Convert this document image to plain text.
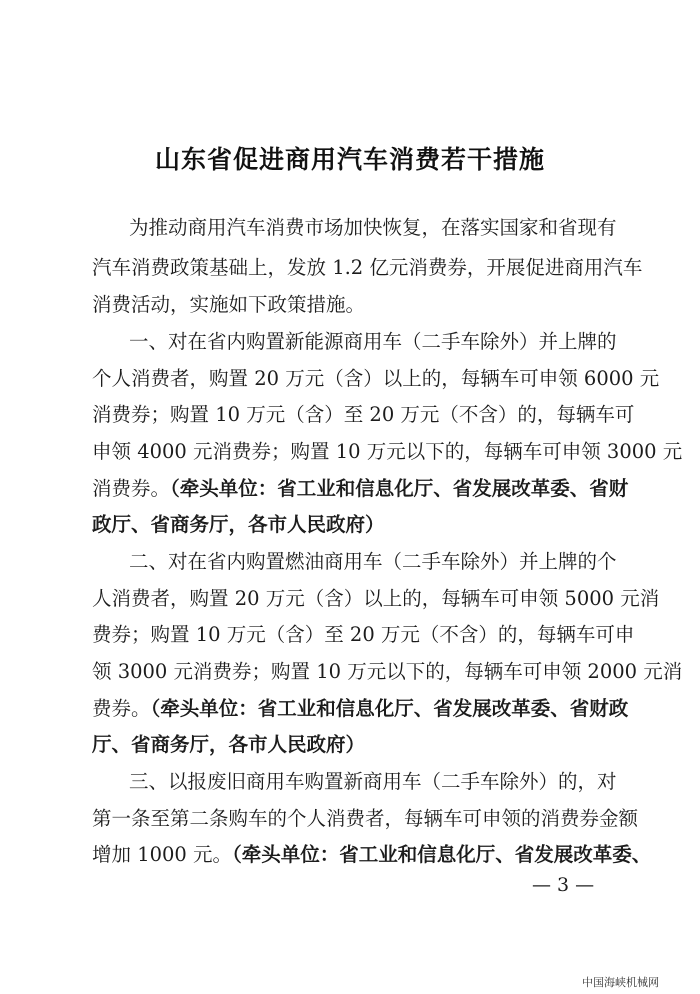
山东省促进商用汽车消费若干措施
为推动商用汽车消费市场加快恢复，在落实国家和省现有
汽车消费政策基础上，发放 1.2 亿元消费券，开展促进商用汽车
消费活动，实施如下政策措施。
一、对在省内购置新能源商用车（二手车除外）并上牌的
个人消费者，购置 20 万元（含）以上的，每辆车可申领 6000 元
消费券；购置 10 万元（含）至 20 万元（不含）的，每辆车可
申领 4000 元消费券；购置 10 万元以下的，每辆车可申领 3000 元
消费券。（牵头单位：省工业和信息化厅、省发展改革委、省财
政厅、省商务厅，各市人民政府）
二、对在省内购置燃油商用车（二手车除外）并上牌的个
人消费者，购置 20 万元（含）以上的，每辆车可申领 5000 元消
费券；购置 10 万元（含）至 20 万元（不含）的，每辆车可申
领 3000 元消费券；购置 10 万元以下的，每辆车可申领 2000 元消
费券。（牵头单位：省工业和信息化厅、省发展改革委、省财政
厅、省商务厅，各市人民政府）
三、以报废旧商用车购置新商用车（二手车除外）的，对
第一条至第二条购车的个人消费者，每辆车可申领的消费券金额
增加 1000 元。（牵头单位：省工业和信息化厅、省发展改革委、
— 3 —
中国海峡机械网
